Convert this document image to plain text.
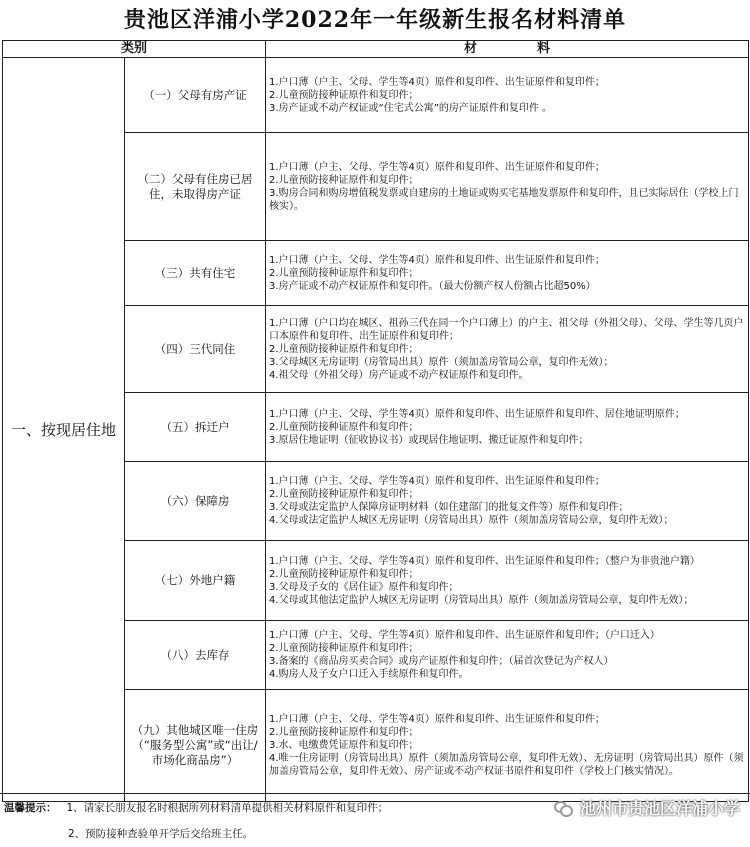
贵池区洋浦小学2022年一年级新生报名材料清单
类别		材料
一、按现居住地	（一）父母有房产证	1.户口薄（户主、父母、学生等4页）原件和复印件、出生证原件和复印件；
2.儿童预防接种证原件和复印件；
3.房产证或不动产权证或“住宅式公寓”的房产证原件和复印件 。

	（二）父母有住房已居住，未取得房产证	1.户口薄（户主、父母、学生等4页）原件和复印件、出生证原件和复印件；
2.儿童预防接种证原件和复印件；
3.购房合同和购房增值税发票或自建房的土地证或购买宅基地发票原件和复印件，且已实际居住（学校上门核实）。

	（三）共有住宅	1.户口薄（户主、父母、学生等4页）原件和复印件、出生证原件和复印件；
2.儿童预防接种证原件和复印件；
3.房产证或不动产权证原件和复印件。（最大份额产权人份额占比超50%）

	（四）三代同住	1.户口薄（户口均在城区、祖孙三代在同一个户口薄上）的户主、祖父母（外祖父母）、父母、学生等几页户口本原件和复印件、出生证原件和复印件；
2.儿童预防接种证原件和复印件；
3.父母城区无房证明（房管局出具）原件（须加盖房管局公章，复印件无效）；
4.祖父母（外祖父母）房产证或不动产权证原件和复印件。

	（五）拆迁户	1.户口薄（户主、父母、学生等4页）原件和复印件、出生证原件和复印件、居住地证明原件；
2.儿童预防接种证原件和复印件；
3.原居住地证明（征收协议书）或现居住地证明、搬迁证原件和复印件；

	（六）保障房	1.户口薄（户主、父母、学生等4页）原件和复印件、出生证原件和复印件；
2.儿童预防接种证原件和复印件；
3.父母或法定监护人保障房证明材料（如住建部门的批复文件等）原件和复印件；
4.父母或法定监护人城区无房证明（房管局出具）原件（须加盖房管局公章，复印件无效）；

	（七）外地户籍	1.户口薄（户主、父母、学生等4页）原件和复印件、出生证原件和复印件；（整户为非贵池户籍）
2.儿童预防接种证原件和复印件；
3.父母及子女的《居住证》原件和复印件；
4.父母或其他法定监护人城区无房证明（房管局出具）原件（须加盖房管局公章，复印件无效）；

	（八）去库存	1.户口薄（户主、父母、学生等4页）原件和复印件、出生证原件和复印件；（户口迁入）
2.儿童预防接种证原件和复印件；
3.备案的《商品房买卖合同》或房产证原件和复印件；（届首次登记为产权人）
4.购房人及子女户口迁入手续原件和复印件。

	（九）其他城区唯一住房（“服务型公寓”或“出让/市场化商品房”）	1.户口薄（户主、父母、学生等4页）原件和复印件、出生证原件和复印件；
2.儿童预防接种证原件和复印件；
3.水、电缴费凭证原件和复印件；
4.唯一住房证明（房管局出具）原件（须加盖房管局公章，复印件无效）、无房证明（房管局出具）原件（须加盖房管局公章，复印件无效）、房产证或不动产权证书原件和复印件（学校上门核实情况）。
温馨提示： 1、请家长朋友报名时根据所列材料清单提供相关材料原件和复印件；
2、预防接种查验单开学后交给班主任。
池州市贵池区洋浦小学
